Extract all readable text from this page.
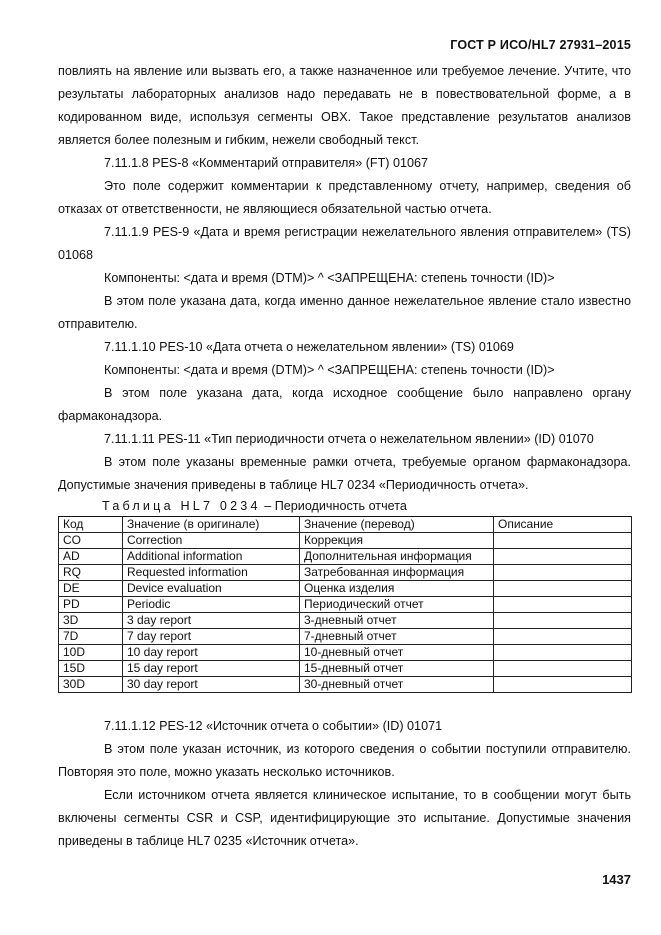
ГОСТ Р ИСО/HL7 27931–2015

повлиять на явление или вызвать его, а также назначенное или требуемое лечение. Учтите, что результаты лабораторных анализов надо передавать не в повествовательной форме, а в кодированном виде, используя сегменты OBX. Такое представление результатов анализов является более полезным и гибким, нежели свободный текст.

7.11.1.8 PES-8 «Комментарий отправителя» (FT) 01067

Это поле содержит комментарии к представленному отчету, например, сведения об отказах от ответственности, не являющиеся обязательной частью отчета.

7.11.1.9 PES-9 «Дата и время регистрации нежелательного явления отправителем» (TS) 01068

Компоненты: <дата и время (DTM)> ^ <ЗАПРЕЩЕНА: степень точности (ID)>

В этом поле указана дата, когда именно данное нежелательное явление стало известно отправителю.

7.11.1.10 PES-10 «Дата отчета о нежелательном явлении» (TS) 01069

Компоненты: <дата и время (DTM)> ^ <ЗАПРЕЩЕНА: степень точности (ID)>

В этом поле указана дата, когда исходное сообщение было направлено органу фармаконадзора.

7.11.1.11 PES-11 «Тип периодичности отчета о нежелательном явлении» (ID) 01070

В этом поле указаны временные рамки отчета, требуемые органом фармаконадзора. Допустимые значения приведены в таблице HL7 0234 «Периодичность отчета».

Таблица HL7 0234 – Периодичность отчета

Код	Значение (в оригинале)	Значение (перевод)	Описание
CO	Correction	Коррекция	
AD	Additional information	Дополнительная информация	
RQ	Requested information	Затребованная информация	
DE	Device evaluation	Оценка изделия	
PD	Periodic	Периодический отчет	
3D	3 day report	3-дневный отчет	
7D	7 day report	7-дневный отчет	
10D	10 day report	10-дневный отчет	
15D	15 day report	15-дневный отчет	
30D	30 day report	30-дневный отчет	

7.11.1.12 PES-12 «Источник отчета о событии» (ID) 01071

В этом поле указан источник, из которого сведения о событии поступили отправителю. Повторяя это поле, можно указать несколько источников.

Если источником отчета является клиническое испытание, то в сообщении могут быть включены сегменты CSR и CSP, идентифицирующие это испытание. Допустимые значения приведены в таблице HL7 0235 «Источник отчета».

1437
